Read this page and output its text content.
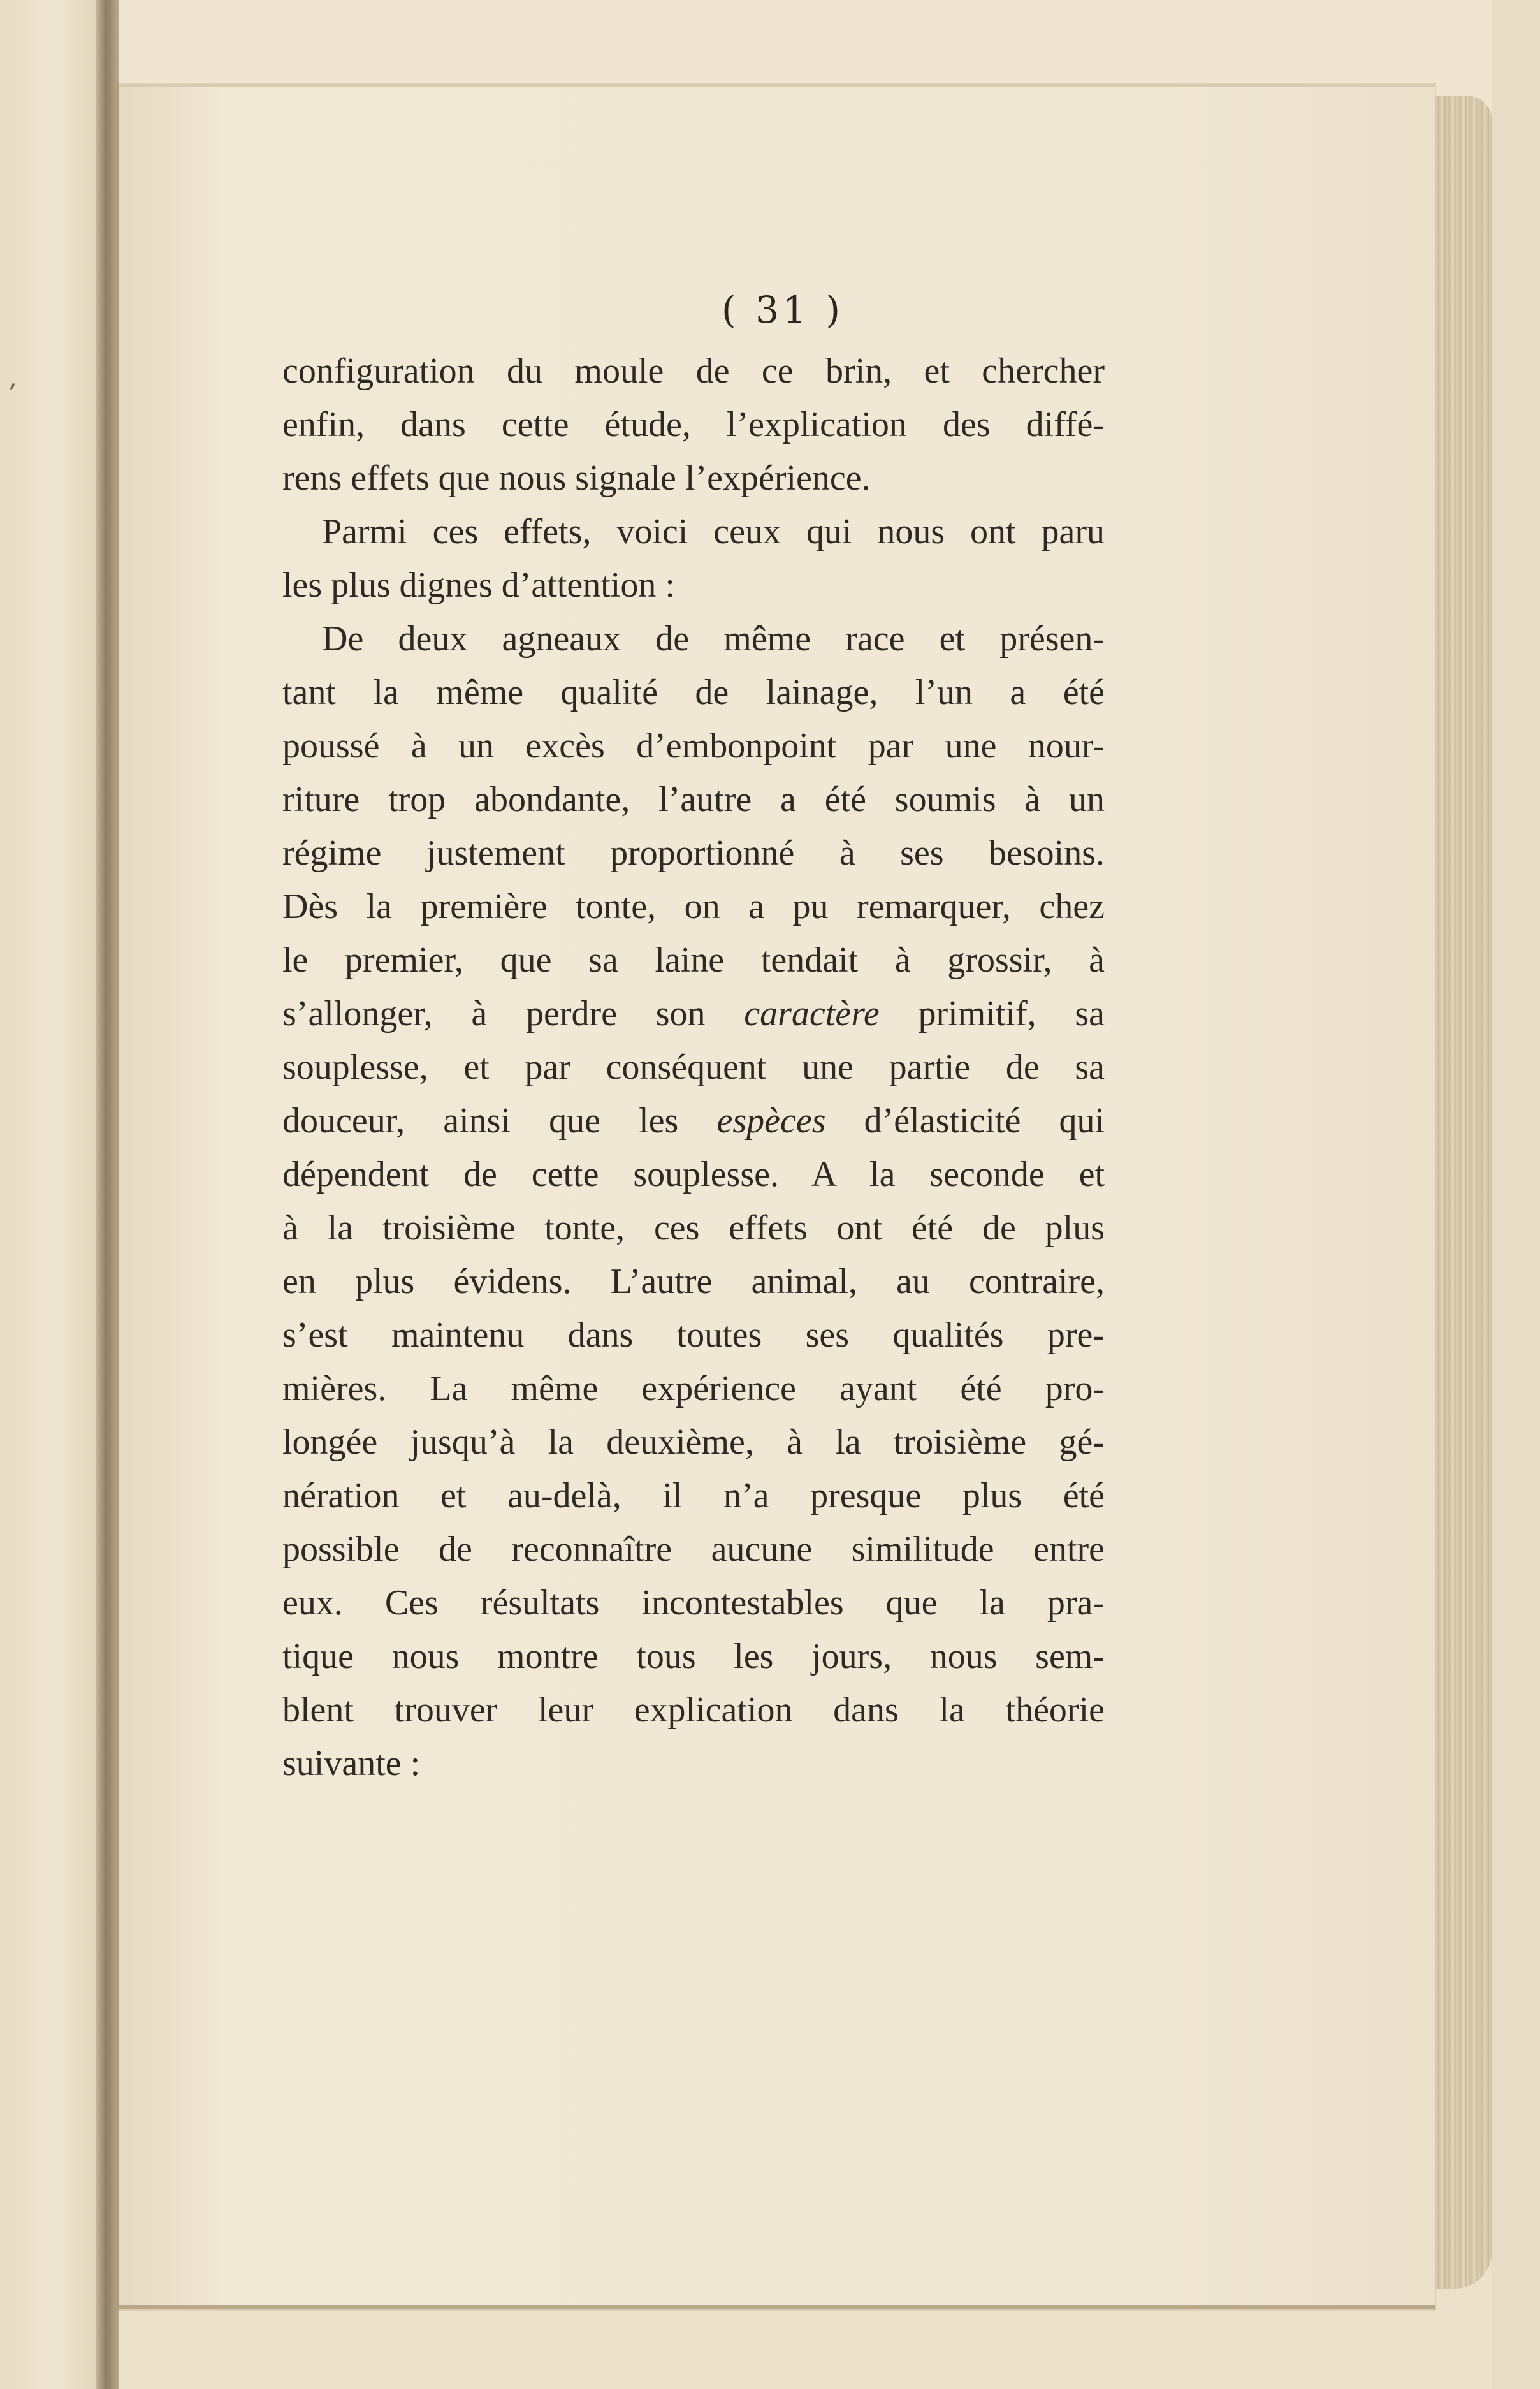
,
( 31 )
configuration du moule de ce brin, et chercher
enfin, dans cette étude, l’explication des diffé-
rens effets que nous signale l’expérience.
Parmi ces effets, voici ceux qui nous ont paru
les plus dignes d’attention :
De deux agneaux de même race et présen-
tant la même qualité de lainage, l’un a été
poussé à un excès d’embonpoint par une nour-
riture trop abondante, l’autre a été soumis à un
régime justement proportionné à ses besoins.
Dès la première tonte, on a pu remarquer, chez
le premier, que sa laine tendait à grossir, à
s’allonger, à perdre son caractère primitif, sa
souplesse, et par conséquent une partie de sa
douceur, ainsi que les espèces d’élasticité qui
dépendent de cette souplesse. A la seconde et
à la troisième tonte, ces effets ont été de plus
en plus évidens. L’autre animal, au contraire,
s’est maintenu dans toutes ses qualités pre-
mières. La même expérience ayant été pro-
longée jusqu’à la deuxième, à la troisième gé-
nération et au-delà, il n’a presque plus été
possible de reconnaître aucune similitude entre
eux. Ces résultats incontestables que la pra-
tique nous montre tous les jours, nous sem-
blent trouver leur explication dans la théorie
suivante :
